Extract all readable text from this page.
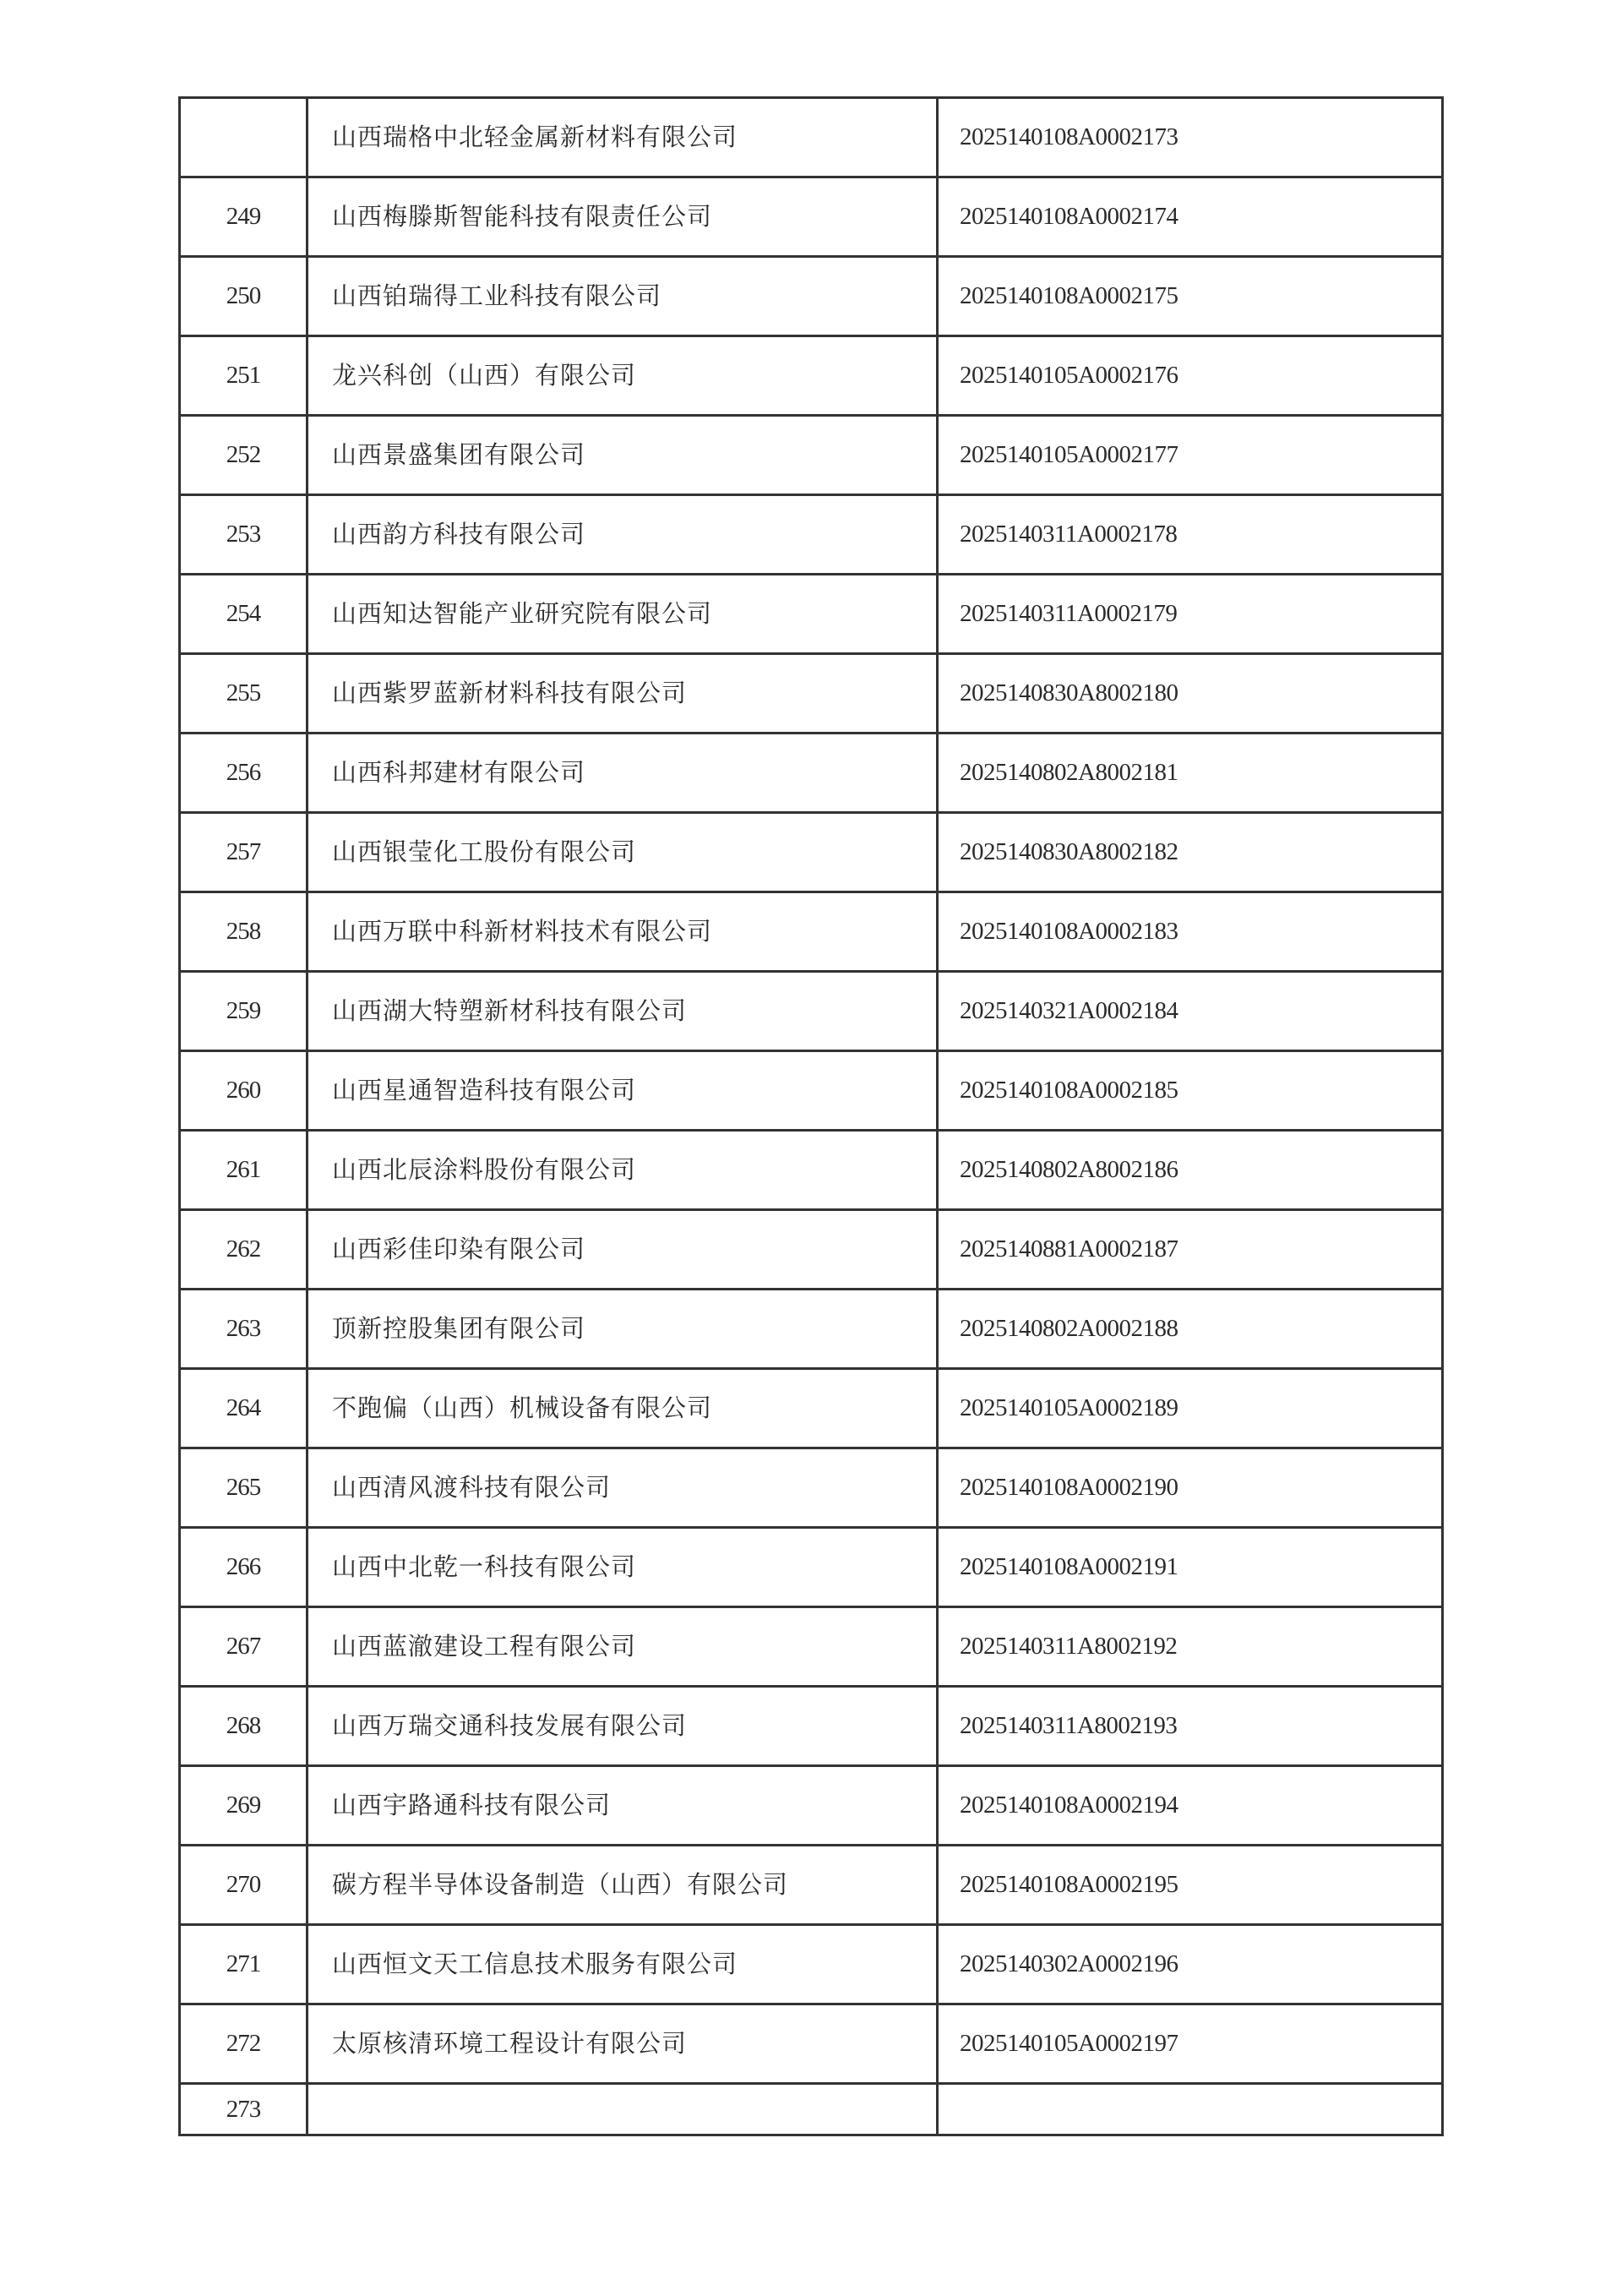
	山西瑞格中北轻金属新材料有限公司	2025140108A0002173
249	山西梅滕斯智能科技有限责任公司	2025140108A0002174
250	山西铂瑞得工业科技有限公司	2025140108A0002175
251	龙兴科创（山西）有限公司	2025140105A0002176
252	山西景盛集团有限公司	2025140105A0002177
253	山西韵方科技有限公司	2025140311A0002178
254	山西知达智能产业研究院有限公司	2025140311A0002179
255	山西紫罗蓝新材料科技有限公司	2025140830A8002180
256	山西科邦建材有限公司	2025140802A8002181
257	山西银莹化工股份有限公司	2025140830A8002182
258	山西万联中科新材料技术有限公司	2025140108A0002183
259	山西湖大特塑新材科技有限公司	2025140321A0002184
260	山西星通智造科技有限公司	2025140108A0002185
261	山西北辰涂料股份有限公司	2025140802A8002186
262	山西彩佳印染有限公司	2025140881A0002187
263	顶新控股集团有限公司	2025140802A0002188
264	不跑偏（山西）机械设备有限公司	2025140105A0002189
265	山西清风渡科技有限公司	2025140108A0002190
266	山西中北乾一科技有限公司	2025140108A0002191
267	山西蓝澈建设工程有限公司	2025140311A8002192
268	山西万瑞交通科技发展有限公司	2025140311A8002193
269	山西宇路通科技有限公司	2025140108A0002194
270	碳方程半导体设备制造（山西）有限公司	2025140108A0002195
271	山西恒文天工信息技术服务有限公司	2025140302A0002196
272	太原核清环境工程设计有限公司	2025140105A0002197
273		
